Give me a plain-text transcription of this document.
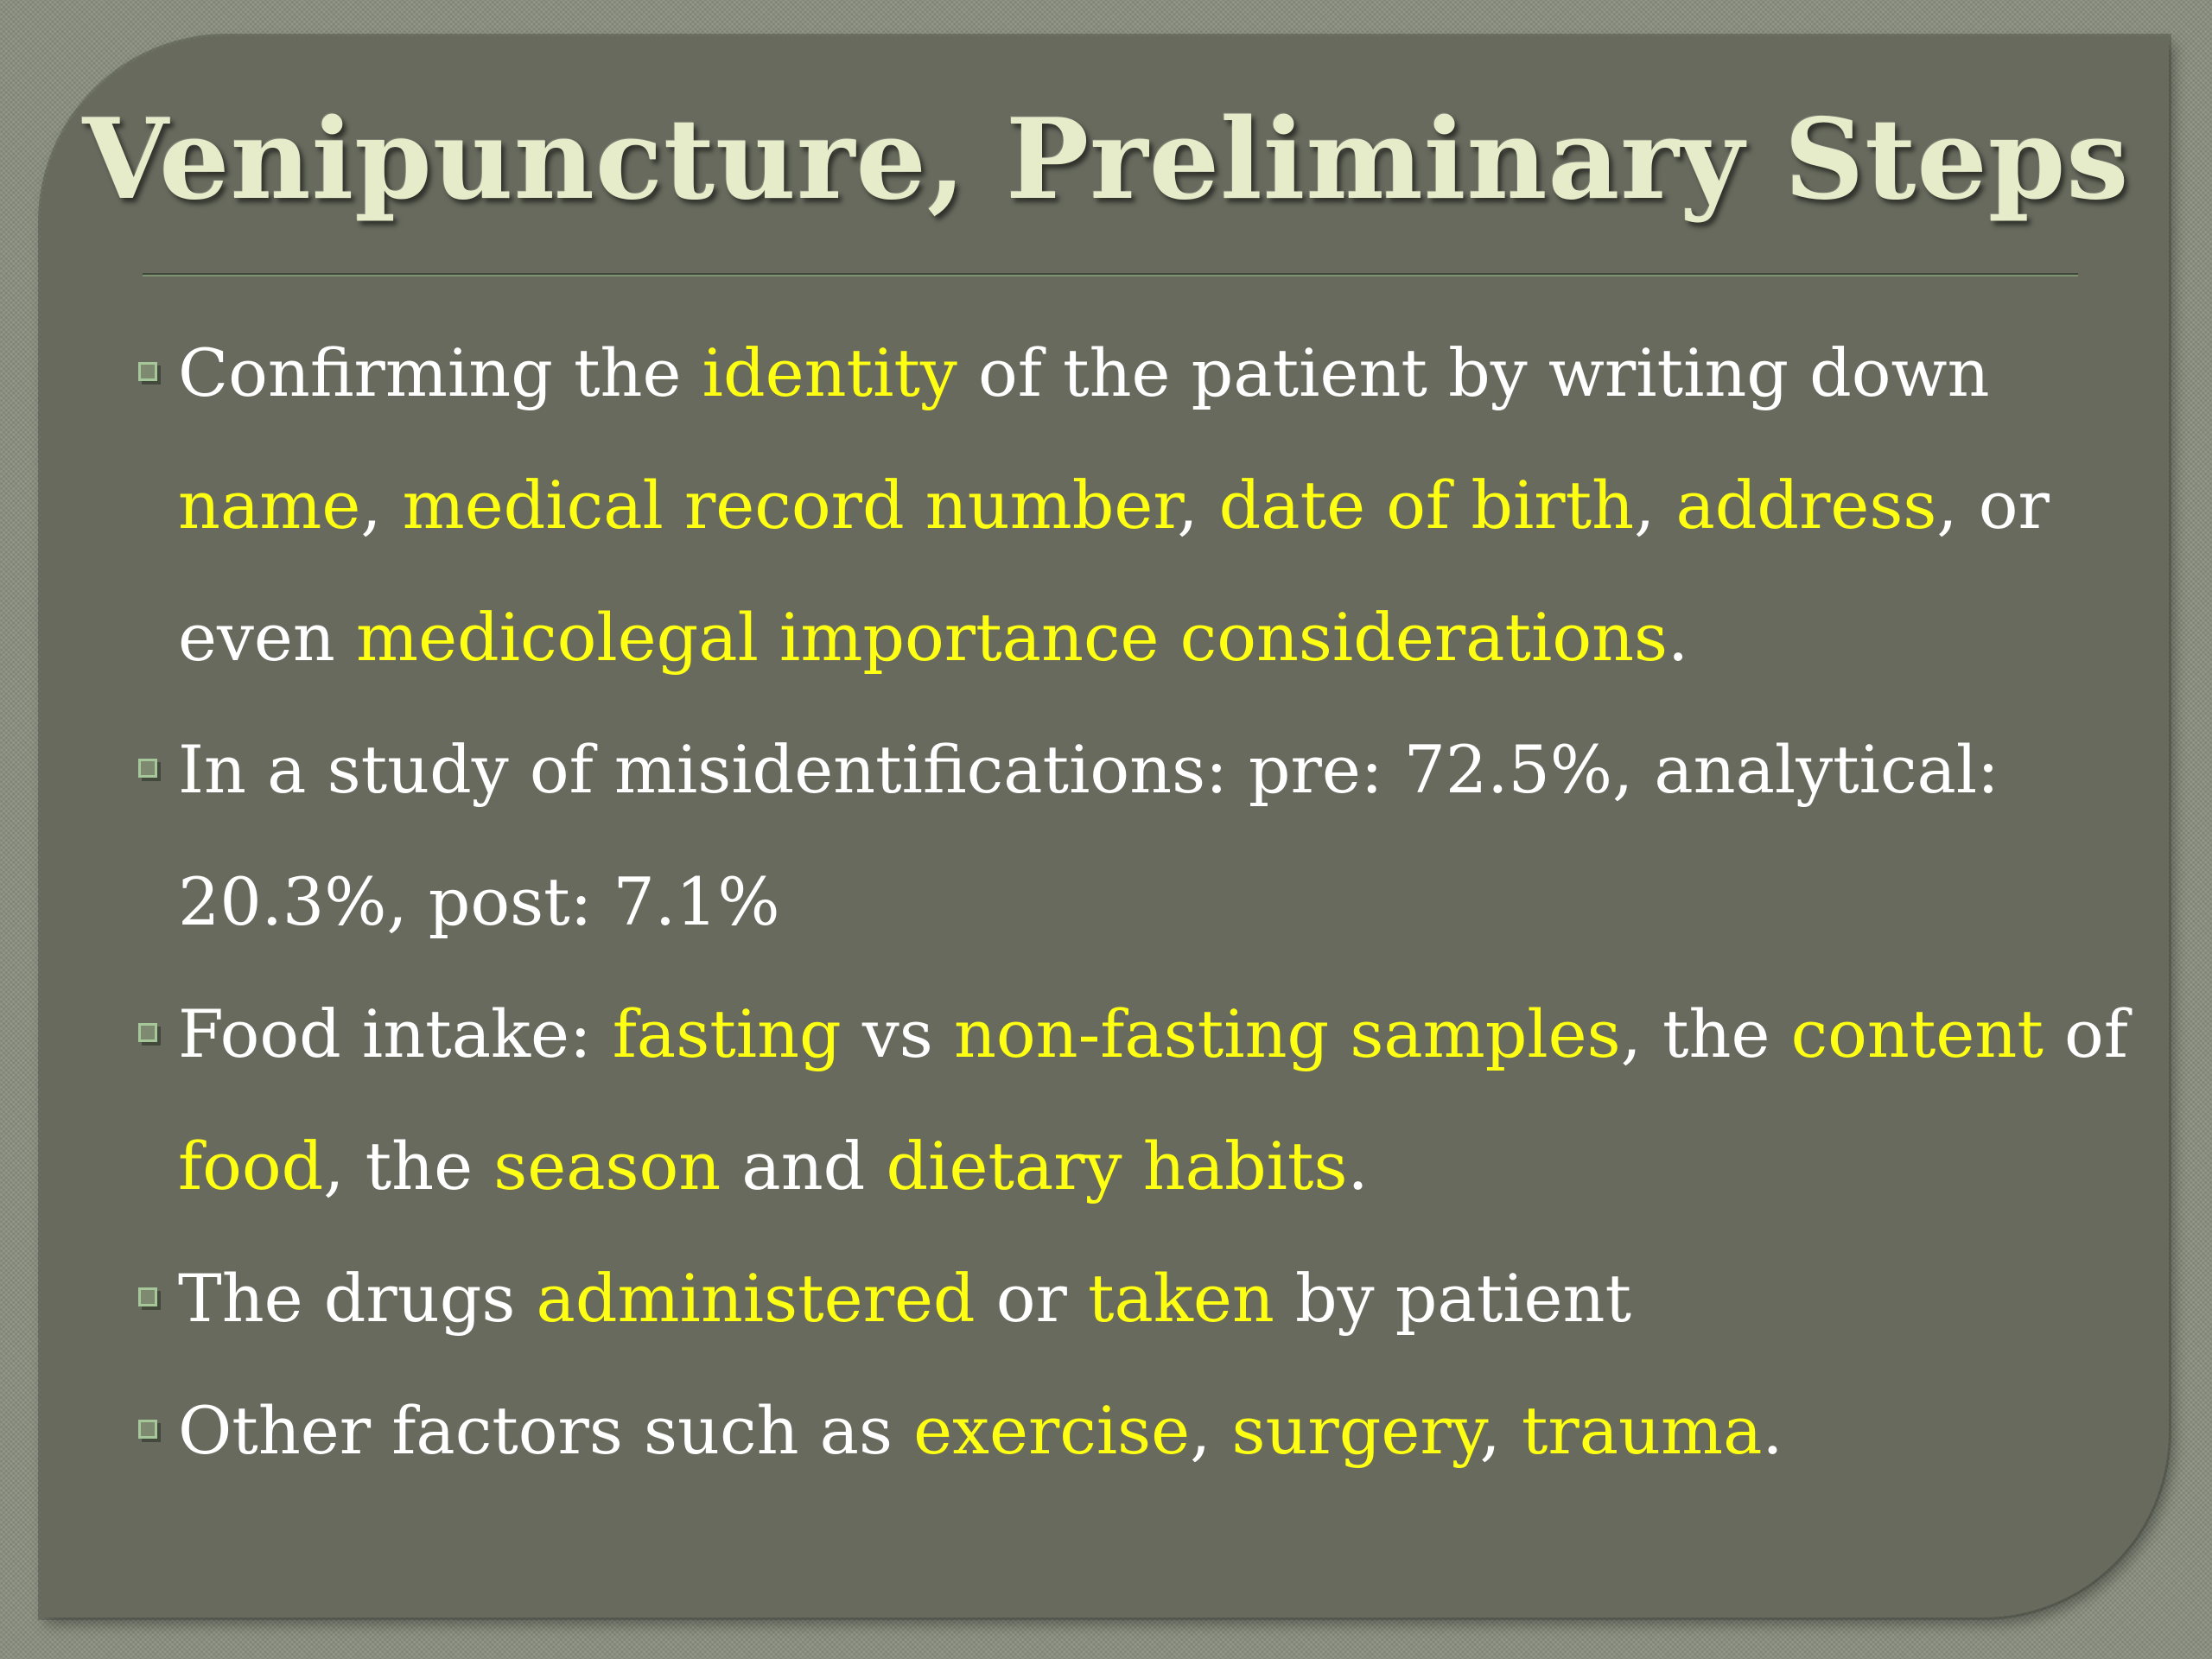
Venipuncture, Preliminary Steps
Confirming the identity of the patient by writing down
name, medical record number, date of birth, address, or
even medicolegal importance considerations.
In a study of misidentifications: pre: 72.5%, analytical:
20.3%, post: 7.1%
Food intake: fasting vs non-fasting samples, the content of
food, the season and dietary habits.
The drugs administered or taken by patient
Other factors such as exercise, surgery, trauma.
